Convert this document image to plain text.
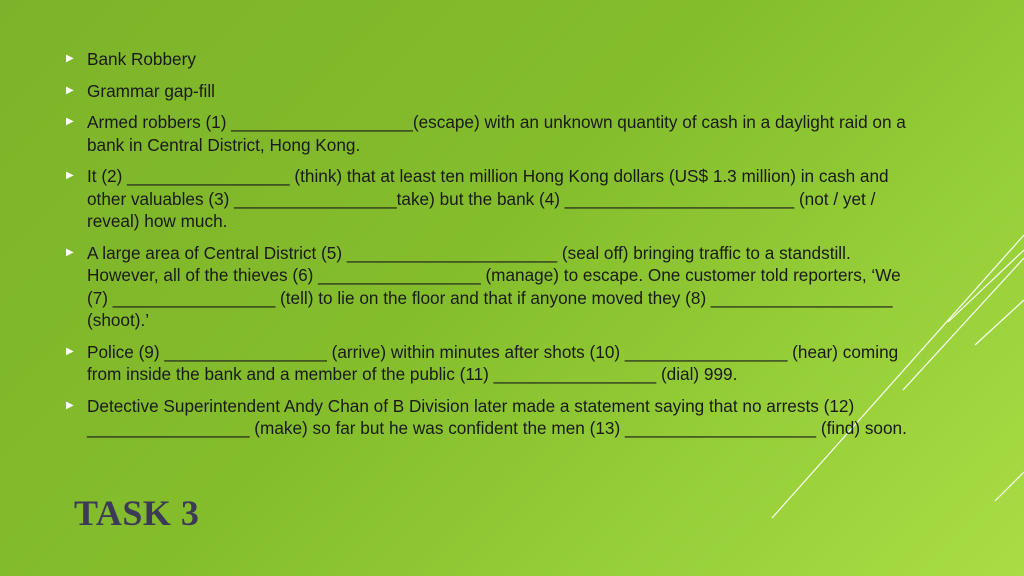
▶ Bank Robbery
▶ Grammar gap-fill
▶ Armed robbers (1) ___________________(escape) with an unknown quantity of cash in a daylight raid on a bank in Central District, Hong Kong.
▶ It (2) _________________ (think) that at least ten million Hong Kong dollars (US$ 1.3 million) in cash and other valuables (3) _________________take) but the bank (4) ________________________ (not / yet / reveal) how much.
▶ A large area of Central District (5) ______________________ (seal off) bringing traffic to a standstill. However, all of the thieves (6) _________________ (manage) to escape. One customer told reporters, ‘We (7) _________________ (tell) to lie on the floor and that if anyone moved they (8) ___________________ (shoot).’
▶ Police (9) _________________ (arrive) within minutes after shots (10) _________________ (hear) coming from inside the bank and a member of the public (11) _________________ (dial) 999.
▶ Detective Superintendent Andy Chan of B Division later made a statement saying that no arrests (12) _________________ (make) so far but he was confident the men (13) ____________________ (find) soon.
TASK 3
